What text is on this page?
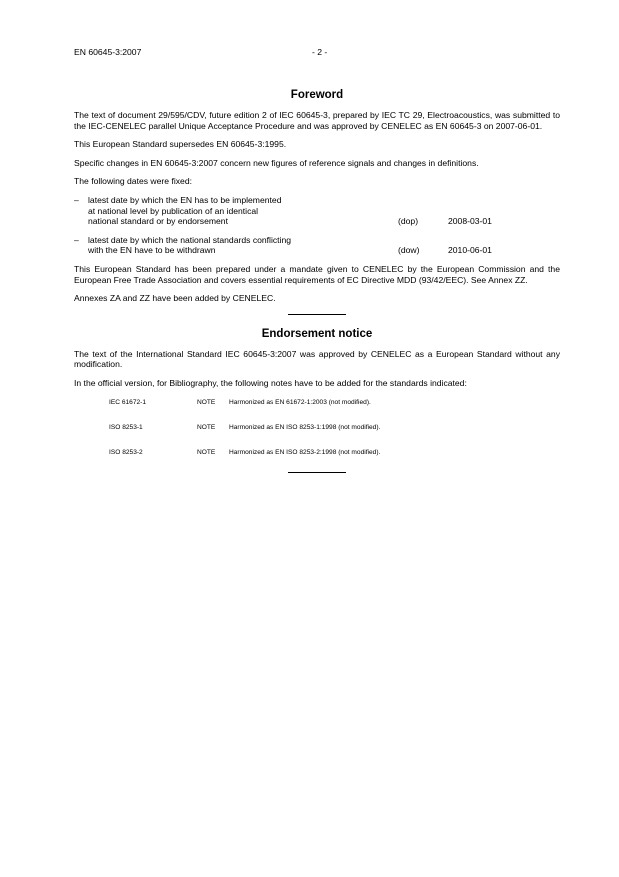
EN 60645-3:2007	- 2 -
Foreword

The text of document 29/595/CDV, future edition 2 of IEC 60645-3, prepared by IEC TC 29, Electroacoustics, was submitted to the IEC-CENELEC parallel Unique Acceptance Procedure and was approved by CENELEC as EN 60645-3 on 2007-06-01.

This European Standard supersedes EN 60645-3:1995.

Specific changes in EN 60645-3:2007 concern new figures of reference signals and changes in definitions.

The following dates were fixed:

– latest date by which the EN has to be implemented
at national level by publication of an identical
national standard or by endorsement	(dop)	2008-03-01
– latest date by which the national standards conflicting
with the EN have to be withdrawn	(dow)	2010-06-01

This European Standard has been prepared under a mandate given to CENELEC by the European Commission and the European Free Trade Association and covers essential requirements of EC Directive MDD (93/42/EEC). See Annex ZZ.

Annexes ZA and ZZ have been added by CENELEC.

Endorsement notice

The text of the International Standard IEC 60645-3:2007 was approved by CENELEC as a European Standard without any modification.

In the official version, for Bibliography, the following notes have to be added for the standards indicated:

IEC 61672-1	NOTE Harmonized as EN 61672-1:2003 (not modified).
ISO 8253-1	NOTE Harmonized as EN ISO 8253-1:1998 (not modified).
ISO 8253-2	NOTE Harmonized as EN ISO 8253-2:1998 (not modified).
